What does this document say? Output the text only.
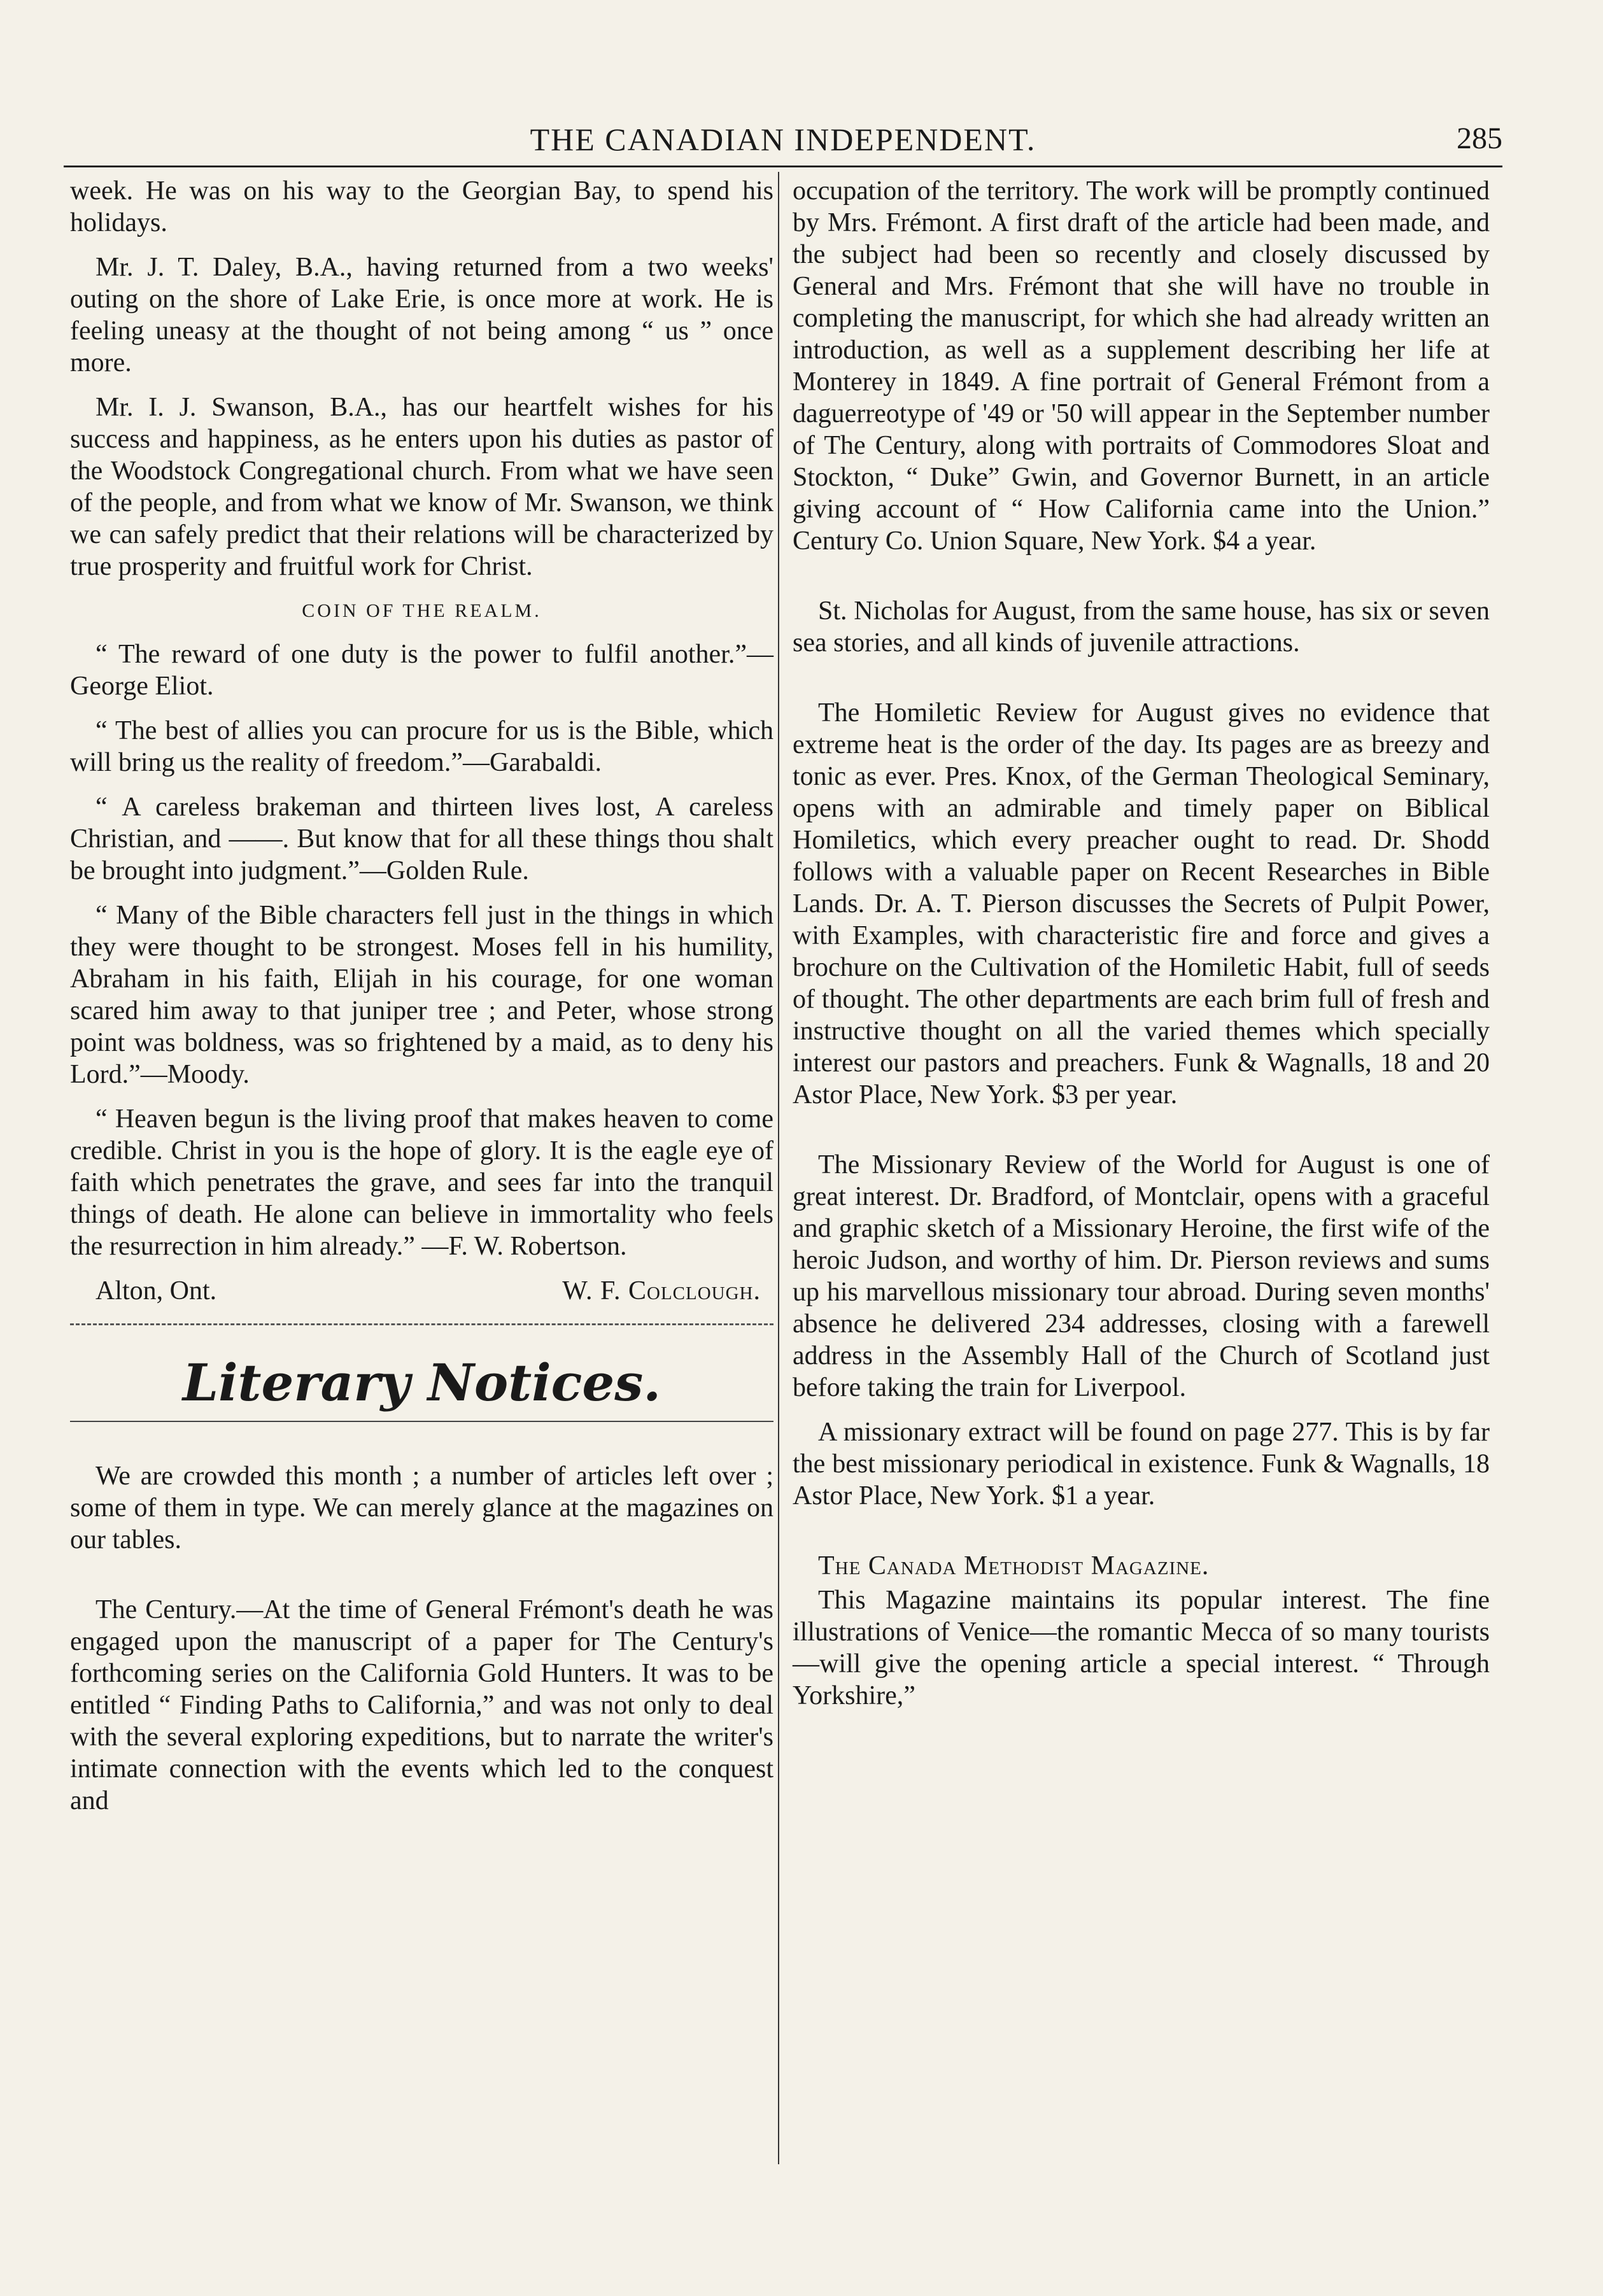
THE CANADIAN INDEPENDENT.	285

week. He was on his way to the Georgian Bay, to spend his holidays.

Mr. J. T. Daley, B.A., having returned from a two weeks' outing on the shore of Lake Erie, is once more at work. He is feeling uneasy at the thought of not being among “ us ” once more.

Mr. I. J. Swanson, B.A., has our heartfelt wishes for his success and happiness, as he enters upon his duties as pastor of the Woodstock Congregational church. From what we have seen of the people, and from what we know of Mr. Swanson, we think we can safely predict that their relations will be characterized by true prosperity and fruitful work for Christ.

COIN OF THE REALM.

“ The reward of one duty is the power to fulfil another.”—George Eliot.

“ The best of allies you can procure for us is the Bible, which will bring us the reality of freedom.”—Garabaldi.

“ A careless brakeman and thirteen lives lost, A careless Christian, and ——. But know that for all these things thou shalt be brought into judgment.”—Golden Rule.

“ Many of the Bible characters fell just in the things in which they were thought to be strongest. Moses fell in his humility, Abraham in his faith, Elijah in his courage, for one woman scared him away to that juniper tree ; and Peter, whose strong point was boldness, was so frightened by a maid, as to deny his Lord.”—Moody.

“ Heaven begun is the living proof that makes heaven to come credible. Christ in you is the hope of glory. It is the eagle eye of faith which penetrates the grave, and sees far into the tranquil things of death. He alone can believe in immortality who feels the resurrection in him already.” —F. W. Robertson.

Alton, Ont.	W. F. Colclough.
Literary Notices.

We are crowded this month ; a number of articles left over ; some of them in type. We can merely glance at the magazines on our tables.

The Century.—At the time of General Frémont's death he was engaged upon the manuscript of a paper for The Century's forthcoming series on the California Gold Hunters. It was to be entitled “ Finding Paths to California,” and was not only to deal with the several exploring expeditions, but to narrate the writer's intimate connection with the events which led to the conquest and

occupation of the territory. The work will be promptly continued by Mrs. Frémont. A first draft of the article had been made, and the subject had been so recently and closely discussed by General and Mrs. Frémont that she will have no trouble in completing the manuscript, for which she had already written an introduction, as well as a supplement describing her life at Monterey in 1849. A fine portrait of General Frémont from a daguerreotype of '49 or '50 will appear in the September number of The Century, along with portraits of Commodores Sloat and Stockton, “ Duke” Gwin, and Governor Burnett, in an article giving account of “ How California came into the Union.” Century Co. Union Square, New York. $4 a year.

St. Nicholas for August, from the same house, has six or seven sea stories, and all kinds of juvenile attractions.

The Homiletic Review for August gives no evidence that extreme heat is the order of the day. Its pages are as breezy and tonic as ever. Pres. Knox, of the German Theological Seminary, opens with an admirable and timely paper on Biblical Homiletics, which every preacher ought to read. Dr. Shodd follows with a valuable paper on Recent Researches in Bible Lands. Dr. A. T. Pierson discusses the Secrets of Pulpit Power, with Examples, with characteristic fire and force and gives a brochure on the Cultivation of the Homiletic Habit, full of seeds of thought. The other departments are each brim full of fresh and instructive thought on all the varied themes which specially interest our pastors and preachers. Funk & Wagnalls, 18 and 20 Astor Place, New York. $3 per year.

The Missionary Review of the World for August is one of great interest. Dr. Bradford, of Montclair, opens with a graceful and graphic sketch of a Missionary Heroine, the first wife of the heroic Judson, and worthy of him. Dr. Pierson reviews and sums up his marvellous missionary tour abroad. During seven months' absence he delivered 234 addresses, closing with a farewell address in the Assembly Hall of the Church of Scotland just before taking the train for Liverpool.

A missionary extract will be found on page 277. This is by far the best missionary periodical in existence. Funk & Wagnalls, 18 Astor Place, New York. $1 a year.

The Canada Methodist Magazine.

This Magazine maintains its popular interest. The fine illustrations of Venice—the romantic Mecca of so many tourists—will give the opening article a special interest. “ Through Yorkshire,”
